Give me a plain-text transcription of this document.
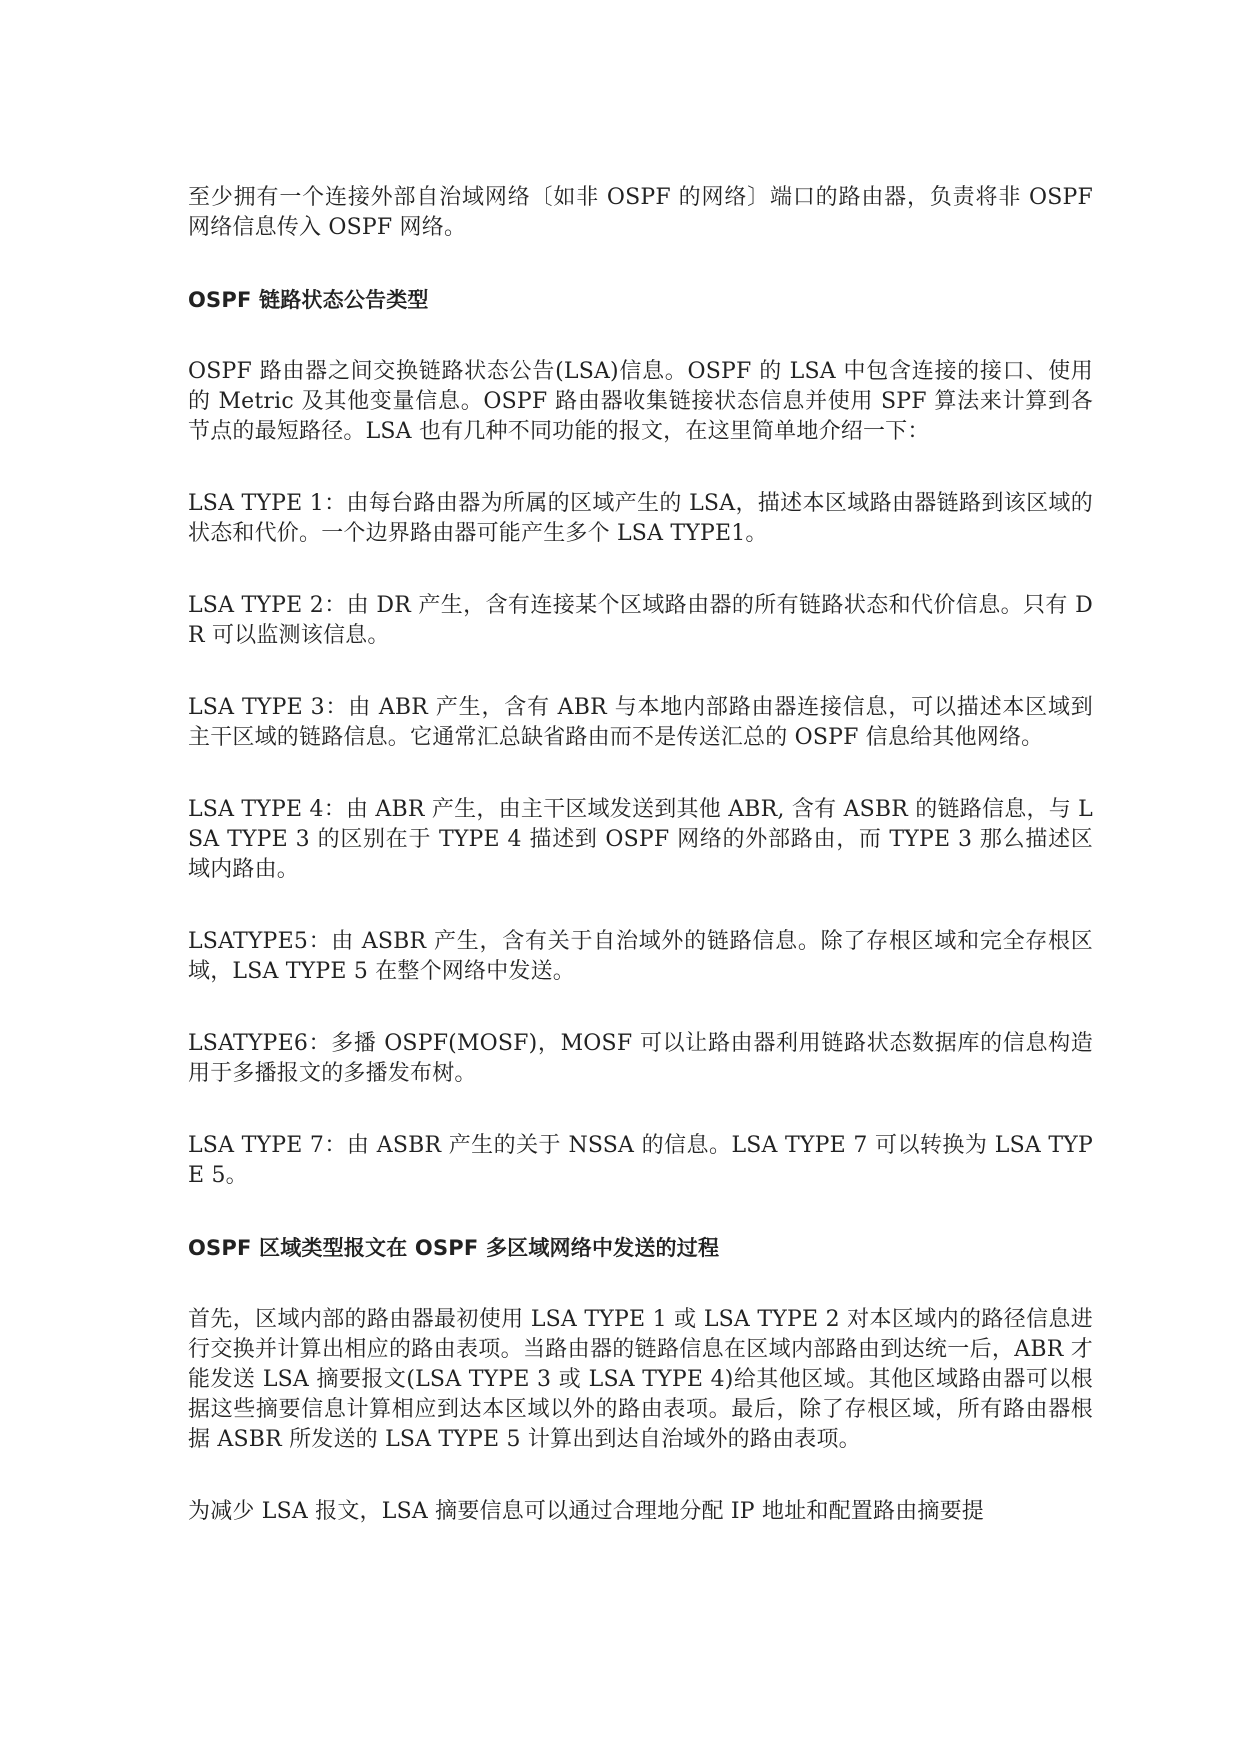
至少拥有一个连接外部自治域网络〔如非 OSPF 的网络〕端口的路由器，负责将非 OSPF 网络信息传入 OSPF 网络。

OSPF 链路状态公告类型

OSPF 路由器之间交换链路状态公告(LSA)信息。OSPF 的 LSA 中包含连接的接口、使用的 Metric 及其他变量信息。OSPF 路由器收集链接状态信息并使用 SPF 算法来计算到各节点的最短路径。LSA 也有几种不同功能的报文，在这里简单地介绍一下：

LSA TYPE 1：由每台路由器为所属的区域产生的 LSA，描述本区域路由器链路到该区域的状态和代价。一个边界路由器可能产生多个 LSA TYPE1。

LSA TYPE 2：由 DR 产生，含有连接某个区域路由器的所有链路状态和代价信息。只有 DR 可以监测该信息。

LSA TYPE 3：由 ABR 产生，含有 ABR 与本地内部路由器连接信息，可以描述本区域到主干区域的链路信息。它通常汇总缺省路由而不是传送汇总的 OSPF 信息给其他网络。

LSA TYPE 4：由 ABR 产生，由主干区域发送到其他 ABR, 含有 ASBR 的链路信息，与 LSA TYPE 3 的区别在于 TYPE 4 描述到 OSPF 网络的外部路由，而 TYPE 3 那么描述区域内路由。

LSATYPE5：由 ASBR 产生，含有关于自治域外的链路信息。除了存根区域和完全存根区域，LSA TYPE 5 在整个网络中发送。

LSATYPE6：多播 OSPF(MOSF)，MOSF 可以让路由器利用链路状态数据库的信息构造用于多播报文的多播发布树。

LSA TYPE 7：由 ASBR 产生的关于 NSSA 的信息。LSA TYPE 7 可以转换为 LSA TYPE 5。

OSPF 区域类型报文在 OSPF 多区域网络中发送的过程

首先，区域内部的路由器最初使用 LSA TYPE 1 或 LSA TYPE 2 对本区域内的路径信息进行交换并计算出相应的路由表项。当路由器的链路信息在区域内部路由到达统一后，ABR 才能发送 LSA 摘要报文(LSA TYPE 3 或 LSA TYPE 4)给其他区域。其他区域路由器可以根据这些摘要信息计算相应到达本区域以外的路由表项。最后，除了存根区域，所有路由器根据 ASBR 所发送的 LSA TYPE 5 计算出到达自治域外的路由表项。

为减少 LSA 报文，LSA 摘要信息可以通过合理地分配 IP 地址和配置路由摘要提
